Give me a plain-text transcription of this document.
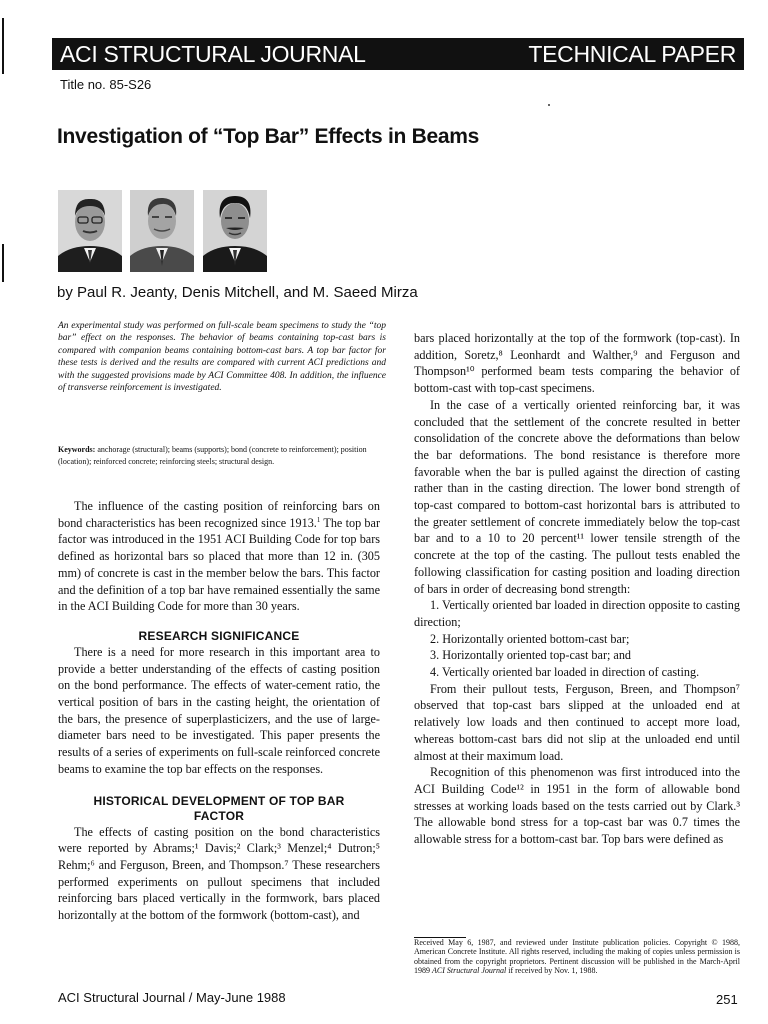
ACI STRUCTURAL JOURNAL	TECHNICAL PAPER
Title no. 85-S26
Investigation of “Top Bar” Effects in Beams
by Paul R. Jeanty, Denis Mitchell, and M. Saeed Mirza
An experimental study was performed on full-scale beam specimens to study the “top bar” effect on the responses. The behavior of beams containing top-cast bars is compared with companion beams containing bottom-cast bars. A top bar factor for these tests is derived and the results are compared with current ACI predictions and with the suggested provisions made by ACI Committee 408. In addition, the influence of transverse reinforcement is investigated.
Keywords: anchorage (structural); beams (supports); bond (concrete to reinforcement); position (location); reinforced concrete; reinforcing steels; structural design.

The influence of the casting position of reinforcing bars on bond characteristics has been recognized since 1913.$^1$ The top bar factor was introduced in the 1951 ACI Building Code for top bars defined as horizontal bars so placed that more than 12 in. (305 mm) of concrete is cast in the member below the bars. This factor and the definition of a top bar have remained essentially the same in the ACI Building Code for more than 30 years.

RESEARCH SIGNIFICANCE

There is a need for more research in this important area to provide a better understanding of the effects of casting position on the bond performance. The effects of water-cement ratio, the vertical position of bars in the casting height, the orientation of the bars, the presence of superplasticizers, and the use of large-diameter bars need to be investigated. This paper presents the results of a series of experiments on full-scale reinforced concrete beams to examine the top bar effects on the responses.

HISTORICAL DEVELOPMENT OF TOP BAR FACTOR

The effects of casting position on the bond characteristics were reported by Abrams;¹ Davis;² Clark;³ Menzel;⁴ Dutron;⁵ Rehm;⁶ and Ferguson, Breen, and Thompson.⁷ These researchers performed experiments on pullout specimens that included reinforcing bars placed vertically in the formwork, bars placed horizontally at the bottom of the formwork (bottom-cast), and

bars placed horizontally at the top of the formwork (top-cast). In addition, Soretz,⁸ Leonhardt and Walther,⁹ and Ferguson and Thompson¹⁰ performed beam tests comparing the behavior of bottom-cast with top-cast specimens.

In the case of a vertically oriented reinforcing bar, it was concluded that the settlement of the concrete resulted in better consolidation of the concrete above the deformations than below the bar deformations. The bond resistance is therefore more favorable when the bar is pulled against the direction of casting rather than in the casting direction. The lower bond strength of top-cast compared to bottom-cast horizontal bars is attributed to the greater settlement of concrete immediately below the top-cast bar and to a 10 to 20 percent¹¹ lower tensile strength of the concrete at the top of the casting. The pullout tests enabled the following classification for casting position and loading direction of bars in order of decreasing bond strength:

1. Vertically oriented bar loaded in direction opposite to casting direction;

2. Horizontally oriented bottom-cast bar;

3. Horizontally oriented top-cast bar; and

4. Vertically oriented bar loaded in direction of casting.

From their pullout tests, Ferguson, Breen, and Thompson⁷ observed that top-cast bars slipped at the unloaded end at relatively low loads and then continued to accept more load, whereas bottom-cast bars did not slip at the unloaded end until almost at their maximum load.

Recognition of this phenomenon was first introduced into the ACI Building Code¹² in 1951 in the form of allowable bond stresses at working loads based on the tests carried out by Clark.³ The allowable bond stress for a top-cast bar was 0.7 times the allowable stress for a bottom-cast bar. Top bars were defined as

Received May 6, 1987, and reviewed under Institute publication policies. Copyright © 1988, American Concrete Institute. All rights reserved, including the making of copies unless permission is obtained from the copyright proprietors. Pertinent discussion will be published in the March-April 1989 ACI Structural Journal if received by Nov. 1, 1988.
ACI Structural Journal / May-June 1988	251
